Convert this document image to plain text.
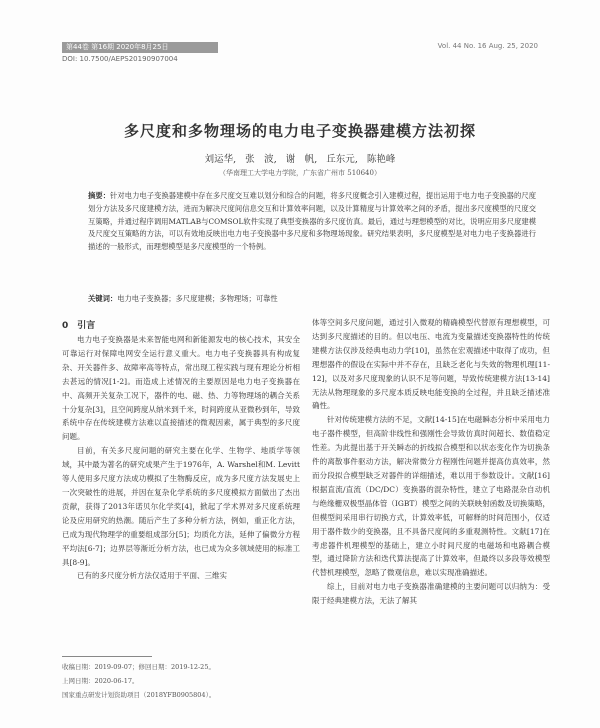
第44卷 第16期 2020年8月25日	Vol. 44 No. 16 Aug. 25, 2020
DOI: 10.7500/AEPS20190907004
多尺度和多物理场的电力电子变换器建模方法初探
刘运华, 张　波, 谢　帆, 丘东元, 陈艳峰
（华南理工大学电力学院，广东省广州市 510640）
摘要：针对电力电子变换器建模中存在多尺度交互难以划分和综合的问题，将多尺度概念引入建模过程，提出运用于电力电子变换器的尺度划分方法及多尺度建模方法，进而为解决尺度间信息交互和计算效率问题，以及计算精度与计算效率之间的矛盾，提出多尺度模型的尺度交互策略，并通过程序调用MATLAB与COMSOL软件实现了典型变换器的多尺度仿真。最后，通过与理想模型的对比，说明应用多尺度建模及尺度交互策略的方法，可以有效地反映出电力电子变换器中多尺度和多物理场现象。研究结果表明，多尺度模型是对电力电子变换器进行描述的一般形式，而理想模型是多尺度模型的一个特例。
关键词：电力电子变换器；多尺度建模；多物理场；可靠性
0　引言

电力电子变换器是未来智能电网和新能源发电的核心技术，其安全可靠运行对保障电网安全运行意义重大。电力电子变换器具有构成复杂、开关器件多、故障率高等特点，常出现工程实践与现有理论分析相去甚远的情况[1-2]。而造成上述情况的主要原因是电力电子变换器在中、高频开关复杂工况下，器件的电、磁、热、力等物理场的耦合关系十分复杂[3]，且空间跨度从纳米到千米，时间跨度从亚微秒到年，导致系统中存在传统建模方法难以直接描述的微观因素，属于典型的多尺度问题。

目前，有关多尺度问题的研究主要在化学、生物学、地质学等领域，其中最为著名的研究成果产生于1976年，A. Warshel和M. Levitt等人使用多尺度方法成功模拟了生物酶反应，成为多尺度方法发展史上一次突破性的进展，并因在复杂化学系统的多尺度模拟方面做出了杰出贡献，获得了2013年诺贝尔化学奖[4]，掀起了学术界对多尺度系统理论及应用研究的热潮。随后产生了多种分析方法，例如，重正化方法，已成为现代物理学的重要组成部分[5]；均质化方法，延伸了偏微分方程平均法[6-7]；边界层等渐近分析方法，也已成为众多领域使用的标准工具[8-9]。

已有的多尺度分析方法仅适用于平面、三维实

体等空间多尺度问题，通过引入微观的精确模型代替原有理想模型，可达到多尺度描述的目的。但以电压、电流为变量描述变换器特性的传统建模方法仅涉及经典电动力学[10]，虽然在宏观描述中取得了成功，但理想器件的假设在实际中并不存在，且缺乏老化与失效的物理机理[11-12]，以及对多尺度现象的认识不足等问题，导致传统建模方法[13-14]无法从物理现象的多尺度本质反映电能变换的全过程，并且缺乏描述准确性。

针对传统建模方法的不足，文献[14-15]在电磁瞬态分析中采用电力电子器件模型，但高阶非线性和强刚性会导致仿真时间超长、数值稳定性差。为此提出基于开关瞬态的折线拟合模型和以状态变化作为切换条件的离散事件驱动方法，解决常微分方程刚性问题并提高仿真效率，然而分段拟合模型缺乏对器件的详细描述，难以用于参数设计。文献[16]根据直流/直流（DC/DC）变换器的混杂特性，建立了电路混杂自动机与绝缘栅双极型晶体管（IGBT）模型之间的关联映射函数及切换策略，但模型间采用串行切换方式，计算效率低，可解释的时间范围小，仅适用于器件数少的变换器，且不具备尺度间的多重观测特性。文献[17]在考虑器件机理模型的基础上，建立小时间尺度的电磁场和电路耦合模型，通过降阶方法和迭代算法提高了计算效率，但最终以多段等效模型代替机理模型，忽略了微观信息，难以实现准确描述。

综上，目前对电力电子变换器准确建模的主要问题可以归纳为：受限于经典建模方法，无法了解其

收稿日期：2019-09-07；修回日期：2019-12-25。
上网日期：2020-06-17。
国家重点研发计划资助项目（2018YFB0905804）。
